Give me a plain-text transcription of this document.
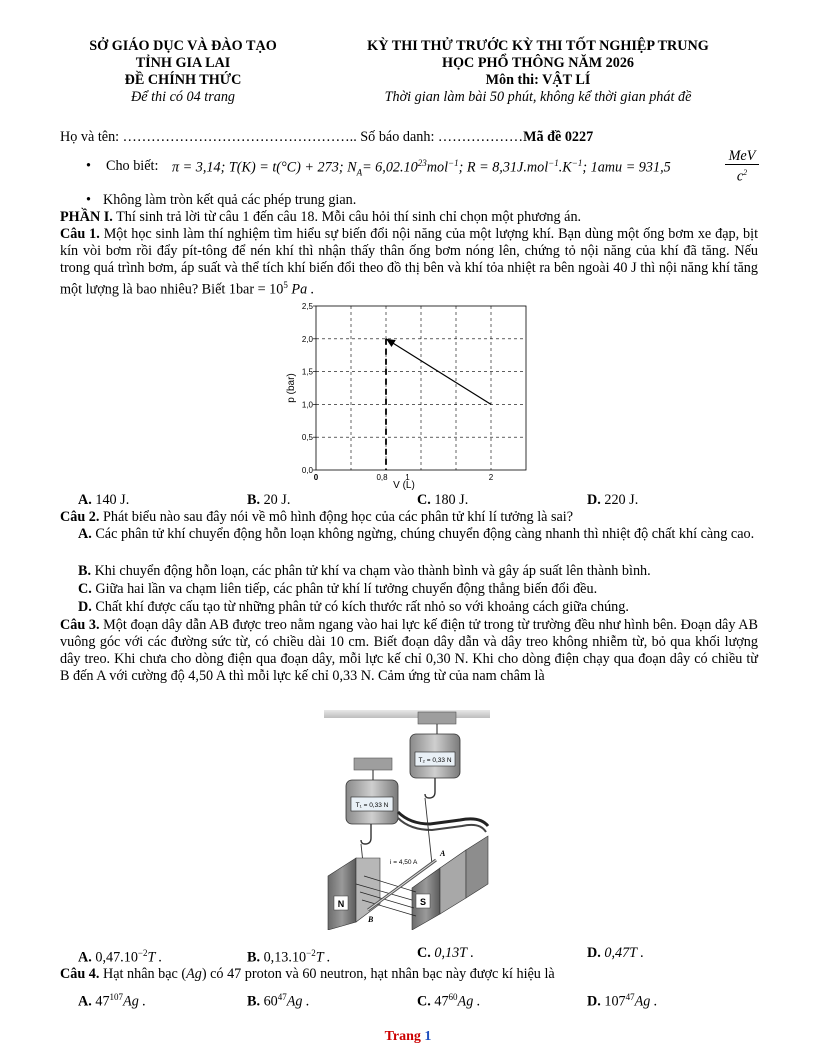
SỞ GIÁO DỤC VÀ ĐÀO TẠO
TỈNH GIA LAI
ĐỀ CHÍNH THỨC
Để thi có 04 trang
KỲ THI THỬ TRƯỚC KỲ THI TỐT NGHIỆP TRUNG
HỌC PHỔ THÔNG NĂM 2026
Môn thi: VẬT LÍ
Thời gian làm bài 50 phút, không kể thời gian phát đề
Họ và tên: ………………………………………….. Số báo danh: ………………Mã đề 0227
• Cho biết: π = 3,14; T(K) = t(°C) + 273; $N_A= 6,02.10^{23}mol^{-1}$; $R = 8,31J.mol^{-1}.K^{-1}$; 1amu = 931,5
MeV
$c^2$
• Không làm tròn kết quả các phép trung gian.
PHẦN I. Thí sinh trả lời từ câu 1 đến câu 18. Mỗi câu hỏi thí sinh chỉ chọn một phương án.
Câu 1. Một học sinh làm thí nghiệm tìm hiểu sự biến đổi nội năng của một lượng khí. Bạn dùng một ống bơm xe đạp, bịt kín vòi bơm rồi đẩy pít-tông để nén khí thì nhận thấy thân ống bơm nóng lên, chứng tỏ nội năng của khí đã tăng. Nếu trong quá trình bơm, áp suất và thể tích khí biến đổi theo đồ thị bên và khí tỏa nhiệt ra bên ngoài 40 J thì nội năng khí tăng một lượng là bao nhiêu? Biết $1bar = 10^5$ Pa .
0,0
0,5
1,0
1,5
2,0
2,5
0	0,8 1	2
p (bar)
V (L)
A. 140 J.	B. 20 J.	C. 180 J.	D. 220 J.
Câu 2. Phát biểu nào sau đây nói về mô hình động học của các phân tử khí lí tưởng là sai?
A. Các phân tử khí chuyển động hỗn loạn không ngừng, chúng chuyển động càng nhanh thì nhiệt độ chất khí càng cao.
B. Khi chuyển động hỗn loạn, các phân tử khí va chạm vào thành bình và gây áp suất lên thành bình.
C. Giữa hai lần va chạm liên tiếp, các phân tử khí lí tưởng chuyển động thẳng biến đổi đều.
D. Chất khí được cấu tạo từ những phân tử có kích thước rất nhỏ so với khoảng cách giữa chúng.
Câu 3. Một đoạn dây dẫn AB được treo nằm ngang vào hai lực kế điện tử trong từ trường đều như hình bên. Đoạn dây AB vuông góc với các đường sức từ, có chiều dài 10 cm. Biết đoạn dây dẫn và dây treo không nhiễm từ, bỏ qua khối lượng dây treo. Khi chưa cho dòng điện qua đoạn dây, mỗi lực kế chỉ 0,30 N. Khi cho dòng điện chạy qua đoạn dây có chiều từ B đến A với cường độ 4,50 A thì mỗi lực kế chỉ 0,33 N. Cảm ứng từ của nam châm là
T₂ = 0,33 N
T₁ = 0,33 N
N	S
i = 4,50 A
A
B
A. $0,47.10^{-2}T$ .	B. $0,13.10^{-2}T$ .	C. 0,13T .	D. 0,47T .
Câu 4. Hạt nhân bạc (Ag) có 47 proton và 60 neutron, hạt nhân bạc này được kí hiệu là
A. $47^{107}Ag$ .	B. $60^{47}Ag$ .	C. $47^{60}Ag$ .	D. $107^{47}Ag$ .
Trang 1
